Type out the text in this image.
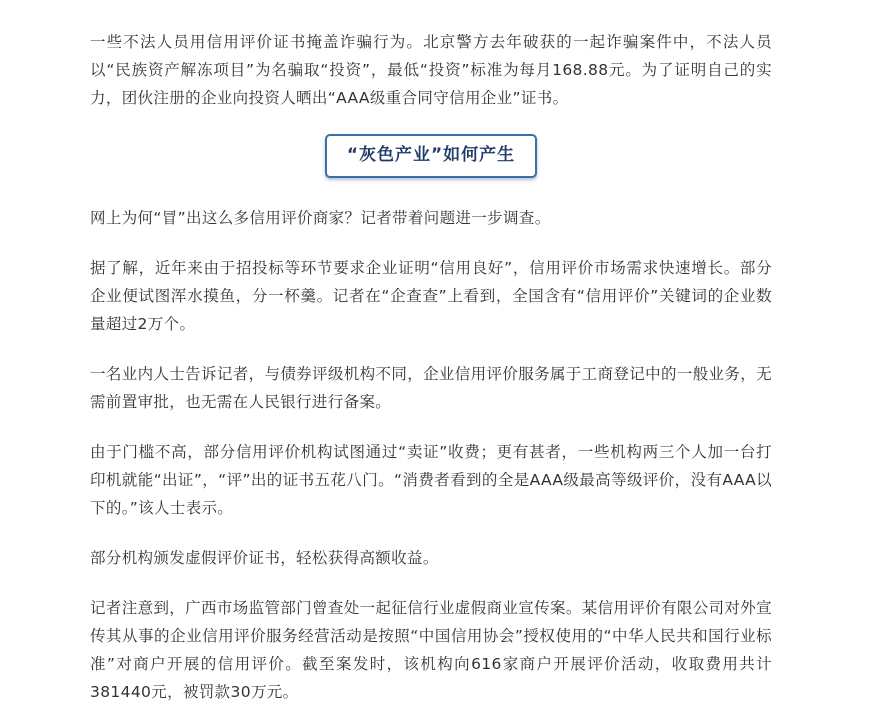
一些不法人员用信用评价证书掩盖诈骗行为。北京警方去年破获的一起诈骗案件中，不法人员以“民族资产解冻项目”为名骗取“投资”，最低“投资”标准为每月168.88元。为了证明自己的实力，团伙注册的企业向投资人晒出“AAA级重合同守信用企业”证书。

“灰色产业”如何产生

网上为何“冒”出这么多信用评价商家？记者带着问题进一步调查。

据了解，近年来由于招投标等环节要求企业证明“信用良好”，信用评价市场需求快速增长。部分企业便试图浑水摸鱼，分一杯羹。记者在“企查查”上看到，全国含有“信用评价”关键词的企业数量超过2万个。

一名业内人士告诉记者，与债券评级机构不同，企业信用评价服务属于工商登记中的一般业务，无需前置审批，也无需在人民银行进行备案。

由于门槛不高，部分信用评价机构试图通过“卖证”收费；更有甚者，一些机构两三个人加一台打印机就能“出证”，“评”出的证书五花八门。“消费者看到的全是AAA级最高等级评价，没有AAA以下的。”该人士表示。

部分机构颁发虚假评价证书，轻松获得高额收益。

记者注意到，广西市场监管部门曾查处一起征信行业虚假商业宣传案。某信用评价有限公司对外宣传其从事的企业信用评价服务经营活动是按照“中国信用协会”授权使用的“中华人民共和国行业标准”对商户开展的信用评价。截至案发时，该机构向616家商户开展评价活动，收取费用共计381440元，被罚款30万元。
